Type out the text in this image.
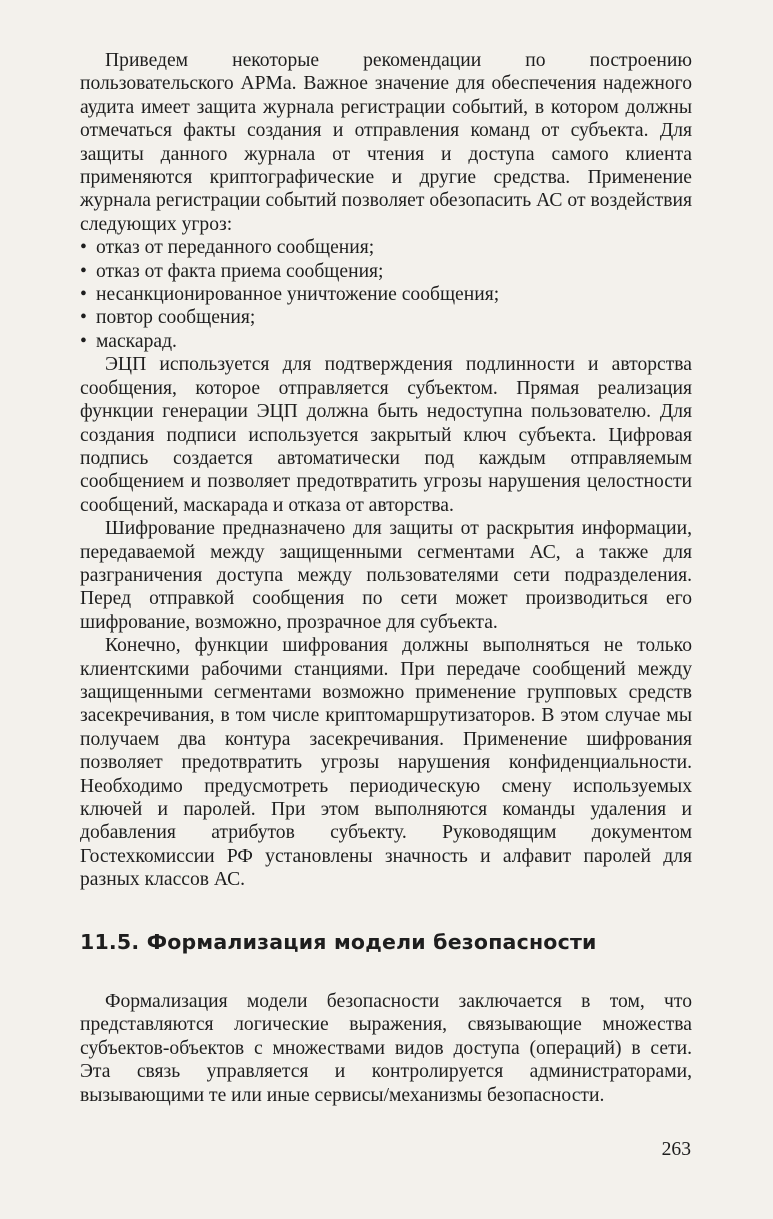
Приведем некоторые рекомендации по построению пользовательского АРМа. Важное значение для обеспечения надежного аудита имеет защита журнала регистрации событий, в котором должны отмечаться факты создания и отправления команд от субъекта. Для защиты данного журнала от чтения и доступа самого клиента применяются криптографические и другие средства. Применение журнала регистрации событий позволяет обезопасить АС от воздействия следующих угроз:

• отказ от переданного сообщения;
• отказ от факта приема сообщения;
• несанкционированное уничтожение сообщения;
• повтор сообщения;
• маскарад.

ЭЦП используется для подтверждения подлинности и авторства сообщения, которое отправляется субъектом. Прямая реализация функции генерации ЭЦП должна быть недоступна пользователю. Для создания подписи используется закрытый ключ субъекта. Цифровая подпись создается автоматически под каждым отправляемым сообщением и позволяет предотвратить угрозы нарушения целостности сообщений, маскарада и отказа от авторства.

Шифрование предназначено для защиты от раскрытия информации, передаваемой между защищенными сегментами АС, а также для разграничения доступа между пользователями сети подразделения. Перед отправкой сообщения по сети может производиться его шифрование, возможно, прозрачное для субъекта.

Конечно, функции шифрования должны выполняться не только клиентскими рабочими станциями. При передаче сообщений между защищенными сегментами возможно применение групповых средств засекречивания, в том числе криптомаршрутизаторов. В этом случае мы получаем два контура засекречивания. Применение шифрования позволяет предотвратить угрозы нарушения конфиденциальности. Необходимо предусмотреть периодическую смену используемых ключей и паролей. При этом выполняются команды удаления и добавления атрибутов субъекту. Руководящим документом Гостехкомиссии РФ установлены значность и алфавит паролей для разных классов АС.

11.5. Формализация модели безопасности

Формализация модели безопасности заключается в том, что представляются логические выражения, связывающие множества субъектов-объектов с множествами видов доступа (операций) в сети. Эта связь управляется и контролируется администраторами, вызывающими те или иные сервисы/механизмы безопасности.

263
